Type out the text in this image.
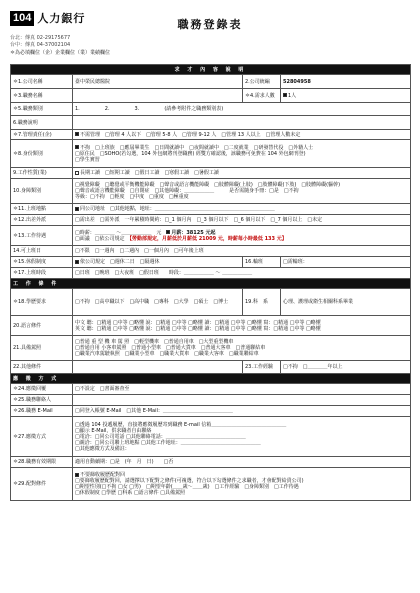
104 人力銀行	職務登錄表
台北：傳真 02-29175677
台中：傳真 04-37002104
＊為必填欄位（企）企業欄位（業）業績欄位
求 才 內 容 說 明			
＊1.公司名稱	臺中榮民總醫院	2.公司統編	52804958
＊3.職務名稱		＊4.需求人數	1人
＊5.職務類別	1.　　　　　2.　　　　　3.　　　　　(請參考附件之職務類別表)		
6.職務說明			
＊7.管理責任(企)	不需管理　□管理 4 人以下　□管理 5-8 人　□管理 9-12 人　□管理 13 人以上　□管理人數未定		
＊8.身份類別	不拘　□上班族　□應屆畢業生　□日間就讀中　□夜間就讀中　□二度就業　□研發替代役　□外籍人士
□原住民　□SOHO(若勾選，104 外包網將刊登職務) 經雙方確認後，該職務可免費在 104 外包網刊登)
□學生實習		

9.工作性質(業)	長期工讀　□短期工讀　□假日工讀　□寒假工讀　□暑假工讀		
10.身障類別	□視覺障礙　□聽覺或平衡機能障礙　□聲音或語言機能障礙　□肢體障礙(上肢)　□肢體障礙(下肢)　□肢體障礙(軀幹)
□聲音或語言機能障礙　□自閉症　□其他障礙：＿＿＿＿＿＿　　　是否需隨身手冊：□是　□不拘
等級：□不拘　□輕度　□中度　□重度　□極重度		

＊11.上班地點	同公司地址　□其他地點，地址：＿＿＿＿＿＿＿＿＿＿＿＿＿＿＿＿＿＿＿＿＿＿＿＿		
＊12.出差外派	□需出差　□需外派　一年累積時間約：□_1 個月內　□_3 個月以下　□_6 個月以下　□_7 個月以上　□未定		
＊13.工作待遇	□時薪：＿＿＿＿ ～＿＿＿＿＿＿　元　月薪：38125 元起
□面議　□依公司規定　【勞動部規定，月薪低於月薪低 21009 元，時薪每小時最低 133 元】		

14.可上班日	□不限　□一週內　□二週內　□一個月內　□可年後上班		
＊15.休假制度	依公司規定　□週休二日　□隔週休	16.輪班	□需輪班：
＊17.上班時段	□日班　□晚班　□大夜班　□假日班　　時段：＿＿＿＿＿＿ ～ ＿＿＿＿＿＿		
工 作 條 件			
＊18.學歷要求	□不拘　□高中職以下　□高中職　□專科　□大學　□碩士　□博士	19.科　系	心理、護理或衛生相關科系畢業
20.語言條件	中文 聽：□精通 □中等 □略懂 說：□精通 □中等 □略懂 讀：□精通 □中等 □略懂 寫：□精通 □中等 □略懂
英文 聽：□精通 □中等 □略懂 說：□精通 □中等 □略懂 讀：□精通 □中等 □略懂 寫：□精通 □中等 □略懂		

21.具備駕照	□普通 重 型 機 車 駕 照　□輕型機車　□普通自用車　□大型重型機車
□普通自用 小客車駕照　□普通小型車　□普通大貨車　□普通大客車　□普通聯結車
□職業汽車駕駛執照　□職業小型車　□職業大貨車　□職業大客車　□職業聯結車		

22.其他條件		23.工作經驗	□不拘　□＿＿＿＿年以上
應 徵 方 式			
＊24.應徵回覆	□不設定　□書面審查至		
＊25.職務聯絡人			
＊26.職務 E-Mail	□同登入帳號 E-Mail　□其他 E-Mail：＿＿＿＿＿＿＿＿＿＿＿＿＿＿		
＊27.應徵方式	□透過 104 投遞履歷，直接將應徵履歷寄到職務 E-mail 信箱＿＿＿＿＿＿＿＿＿＿＿＿＿＿＿
□顯示 E-Mail，供求職者自由聯絡
□電洽：□同公司電話 □其他聯絡電話：＿＿＿＿＿＿＿＿＿＿＿＿＿＿＿＿
□親洽：□同公司聯上班地點 □其他工作地址：＿＿＿＿＿＿＿＿＿＿＿＿＿＿＿＿
□其他應徵方式及備註：		

＊28.職務有效期限	適用自動續期：□是　(年　月　日)　　□否		
＊29.配對條件	不要篩收履歷配對回
□要篩收履歷配對回，請選擇以下配對之條件(可複選，符合以下勾選條件之求職者，才會配對給貴公司)
□期望性別(□不拘 □女 □男)　□期望年齡(＿＿歲～＿＿歲)　□工作經驗　□身障類別　□工作待遇
□休假制度 □學歷 □科系 □語言條件 □具備駕照		
